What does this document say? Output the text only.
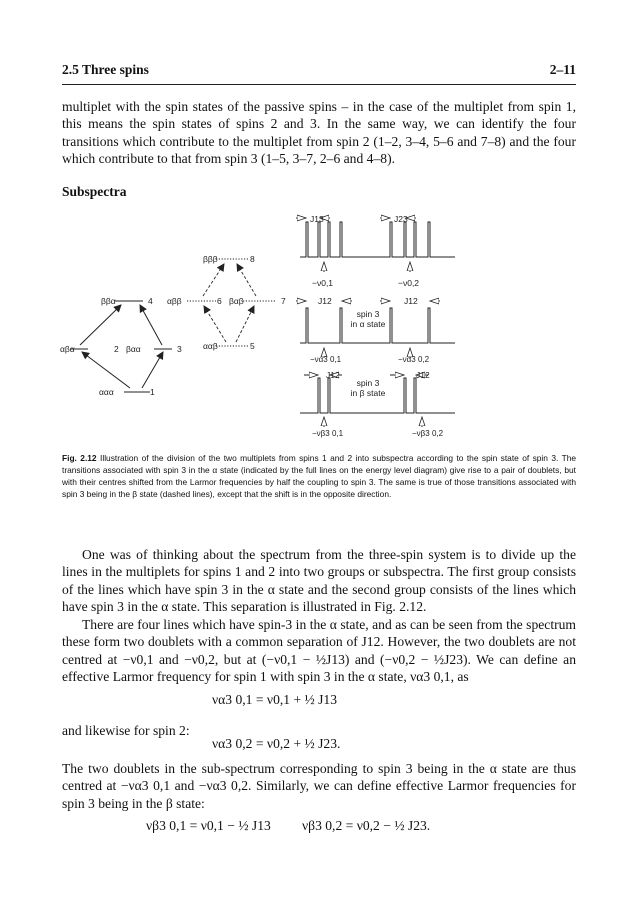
2.5 Three spins	2–11
multiplet with the spin states of the passive spins – in the case of the multiplet from spin 1, this means the spin states of spins 2 and 3. In the same way, we can identify the four transitions which contribute to the multiplet from spin 2 (1–2, 3–4, 5–6 and 7–8) and the four which contribute to that from spin 3 (1–5, 3–7, 2–6 and 4–8).
Subspectra
ααα	1
αβα	2 βαα	3
ββα	4
ααβ	5
αββ	6 βαβ	7
βββ	8
J13	J23
−ν0,1	−ν0,2
J12	J12
spin 3
in α state
−να3 0,1	−να3 0,2
J12	J12
spin 3
in β state
−νβ3 0,1	−νβ3 0,2
Fig. 2.12 Illustration of the division of the two multiplets from spins 1 and 2 into subspectra according to the spin state of spin 3. The transitions associated with spin 3 in the α state (indicated by the full lines on the energy level diagram) give rise to a pair of doublets, but with their centres shifted from the Larmor frequencies by half the coupling to spin 3. The same is true of those transitions associated with spin 3 being in the β state (dashed lines), except that the shift is in the opposite direction.
One was of thinking about the spectrum from the three-spin system is to divide up the lines in the multiplets for spins 1 and 2 into two groups or subspectra. The first group consists of the lines which have spin 3 in the α state and the second group consists of the lines which have spin 3 in the α state. This separation is illustrated in Fig. 2.12.
There are four lines which have spin-3 in the α state, and as can be seen from the spectrum these form two doublets with a common separation of J12. However, the two doublets are not centred at −ν0,1 and −ν0,2, but at (−ν0,1 − ½J13) and (−ν0,2 − ½J23). We can define an effective Larmor frequency for spin 1 with spin 3 in the α state, να3 0,1, as
να3 0,1 = ν0,1 + ½ J13
and likewise for spin 2:
να3 0,2 = ν0,2 + ½ J23.
The two doublets in the sub-spectrum corresponding to spin 3 being in the α state are thus centred at −να3 0,1 and −να3 0,2. Similarly, we can define effective Larmor frequencies for spin 3 being in the β state:
νβ3 0,1 = ν0,1 − ½ J13 νβ3 0,2 = ν0,2 − ½ J23.
